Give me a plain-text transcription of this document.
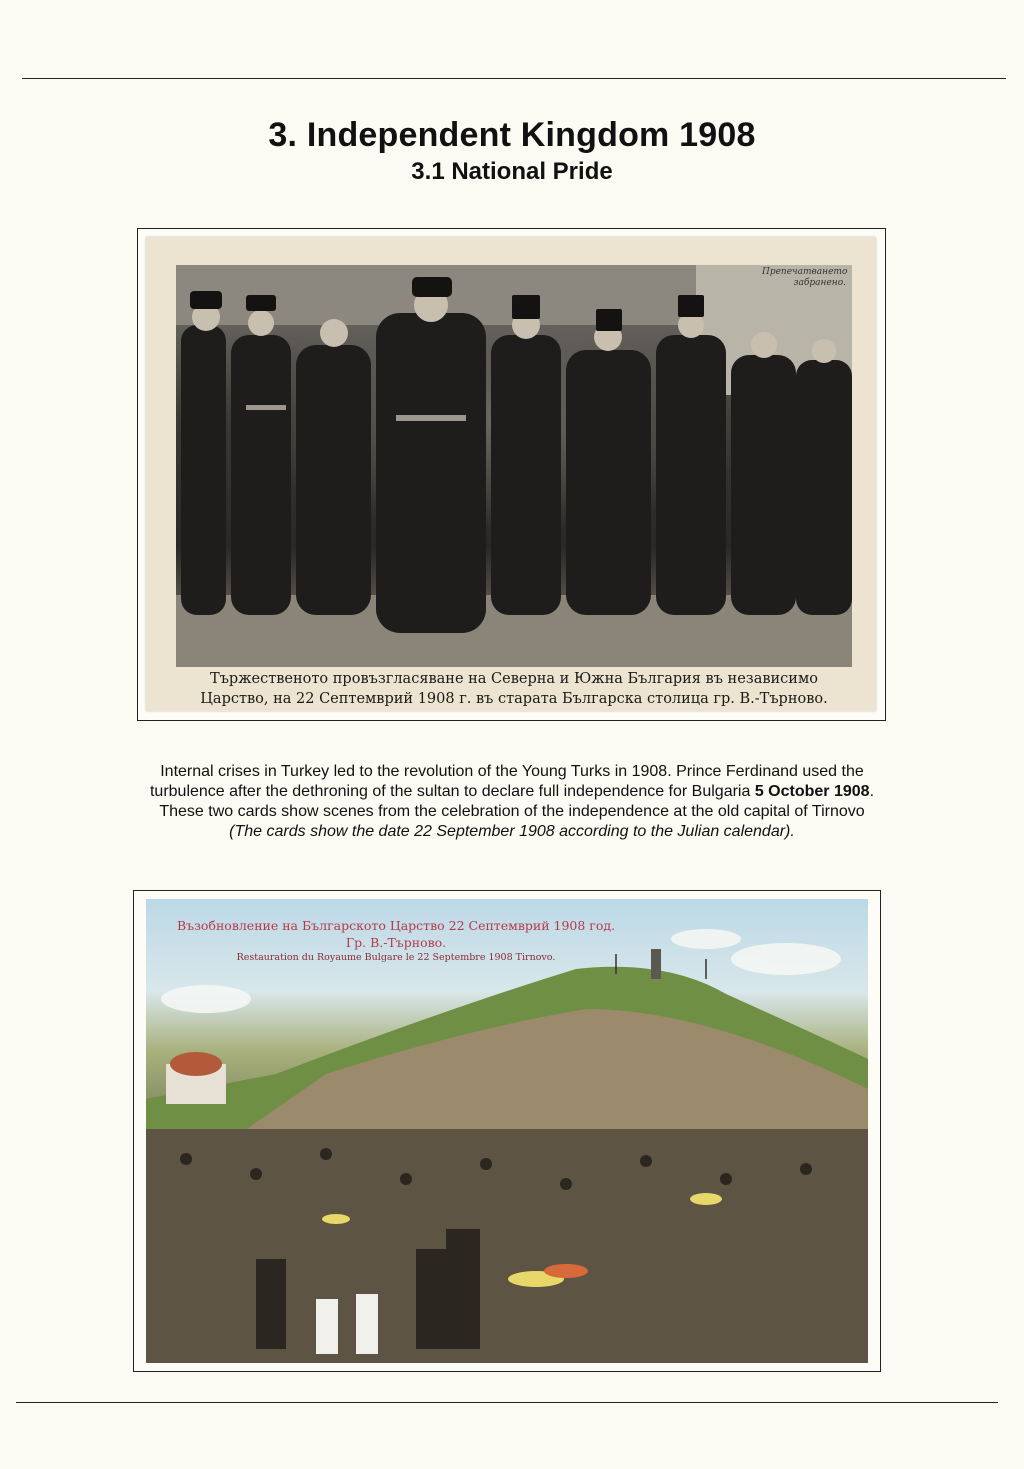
3. Independent Kingdom 1908
3.1 National Pride
Препечатването забранено.
Тържественото провъзгласяване на Северна и Южна България въ независимо
Царство, на 22 Септемврий 1908 г. въ старата Българска столица гр. В.-Търново.

Internal crises in Turkey led to the revolution of the Young Turks in 1908. Prince Ferdinand used the

turbulence after the dethroning of the sultan to declare full independence for Bulgaria 5 October 1908.

These two cards show scenes from the celebration of the independence at the old capital of Tirnovo

(The cards show the date 22 September 1908 according to the Julian calendar).

Възобновление на Българското Царство 22 Септемврий 1908 год.
Гр. В.-Търново.
Restauration du Royaume Bulgare le 22 Septembre 1908 Tirnovo.
